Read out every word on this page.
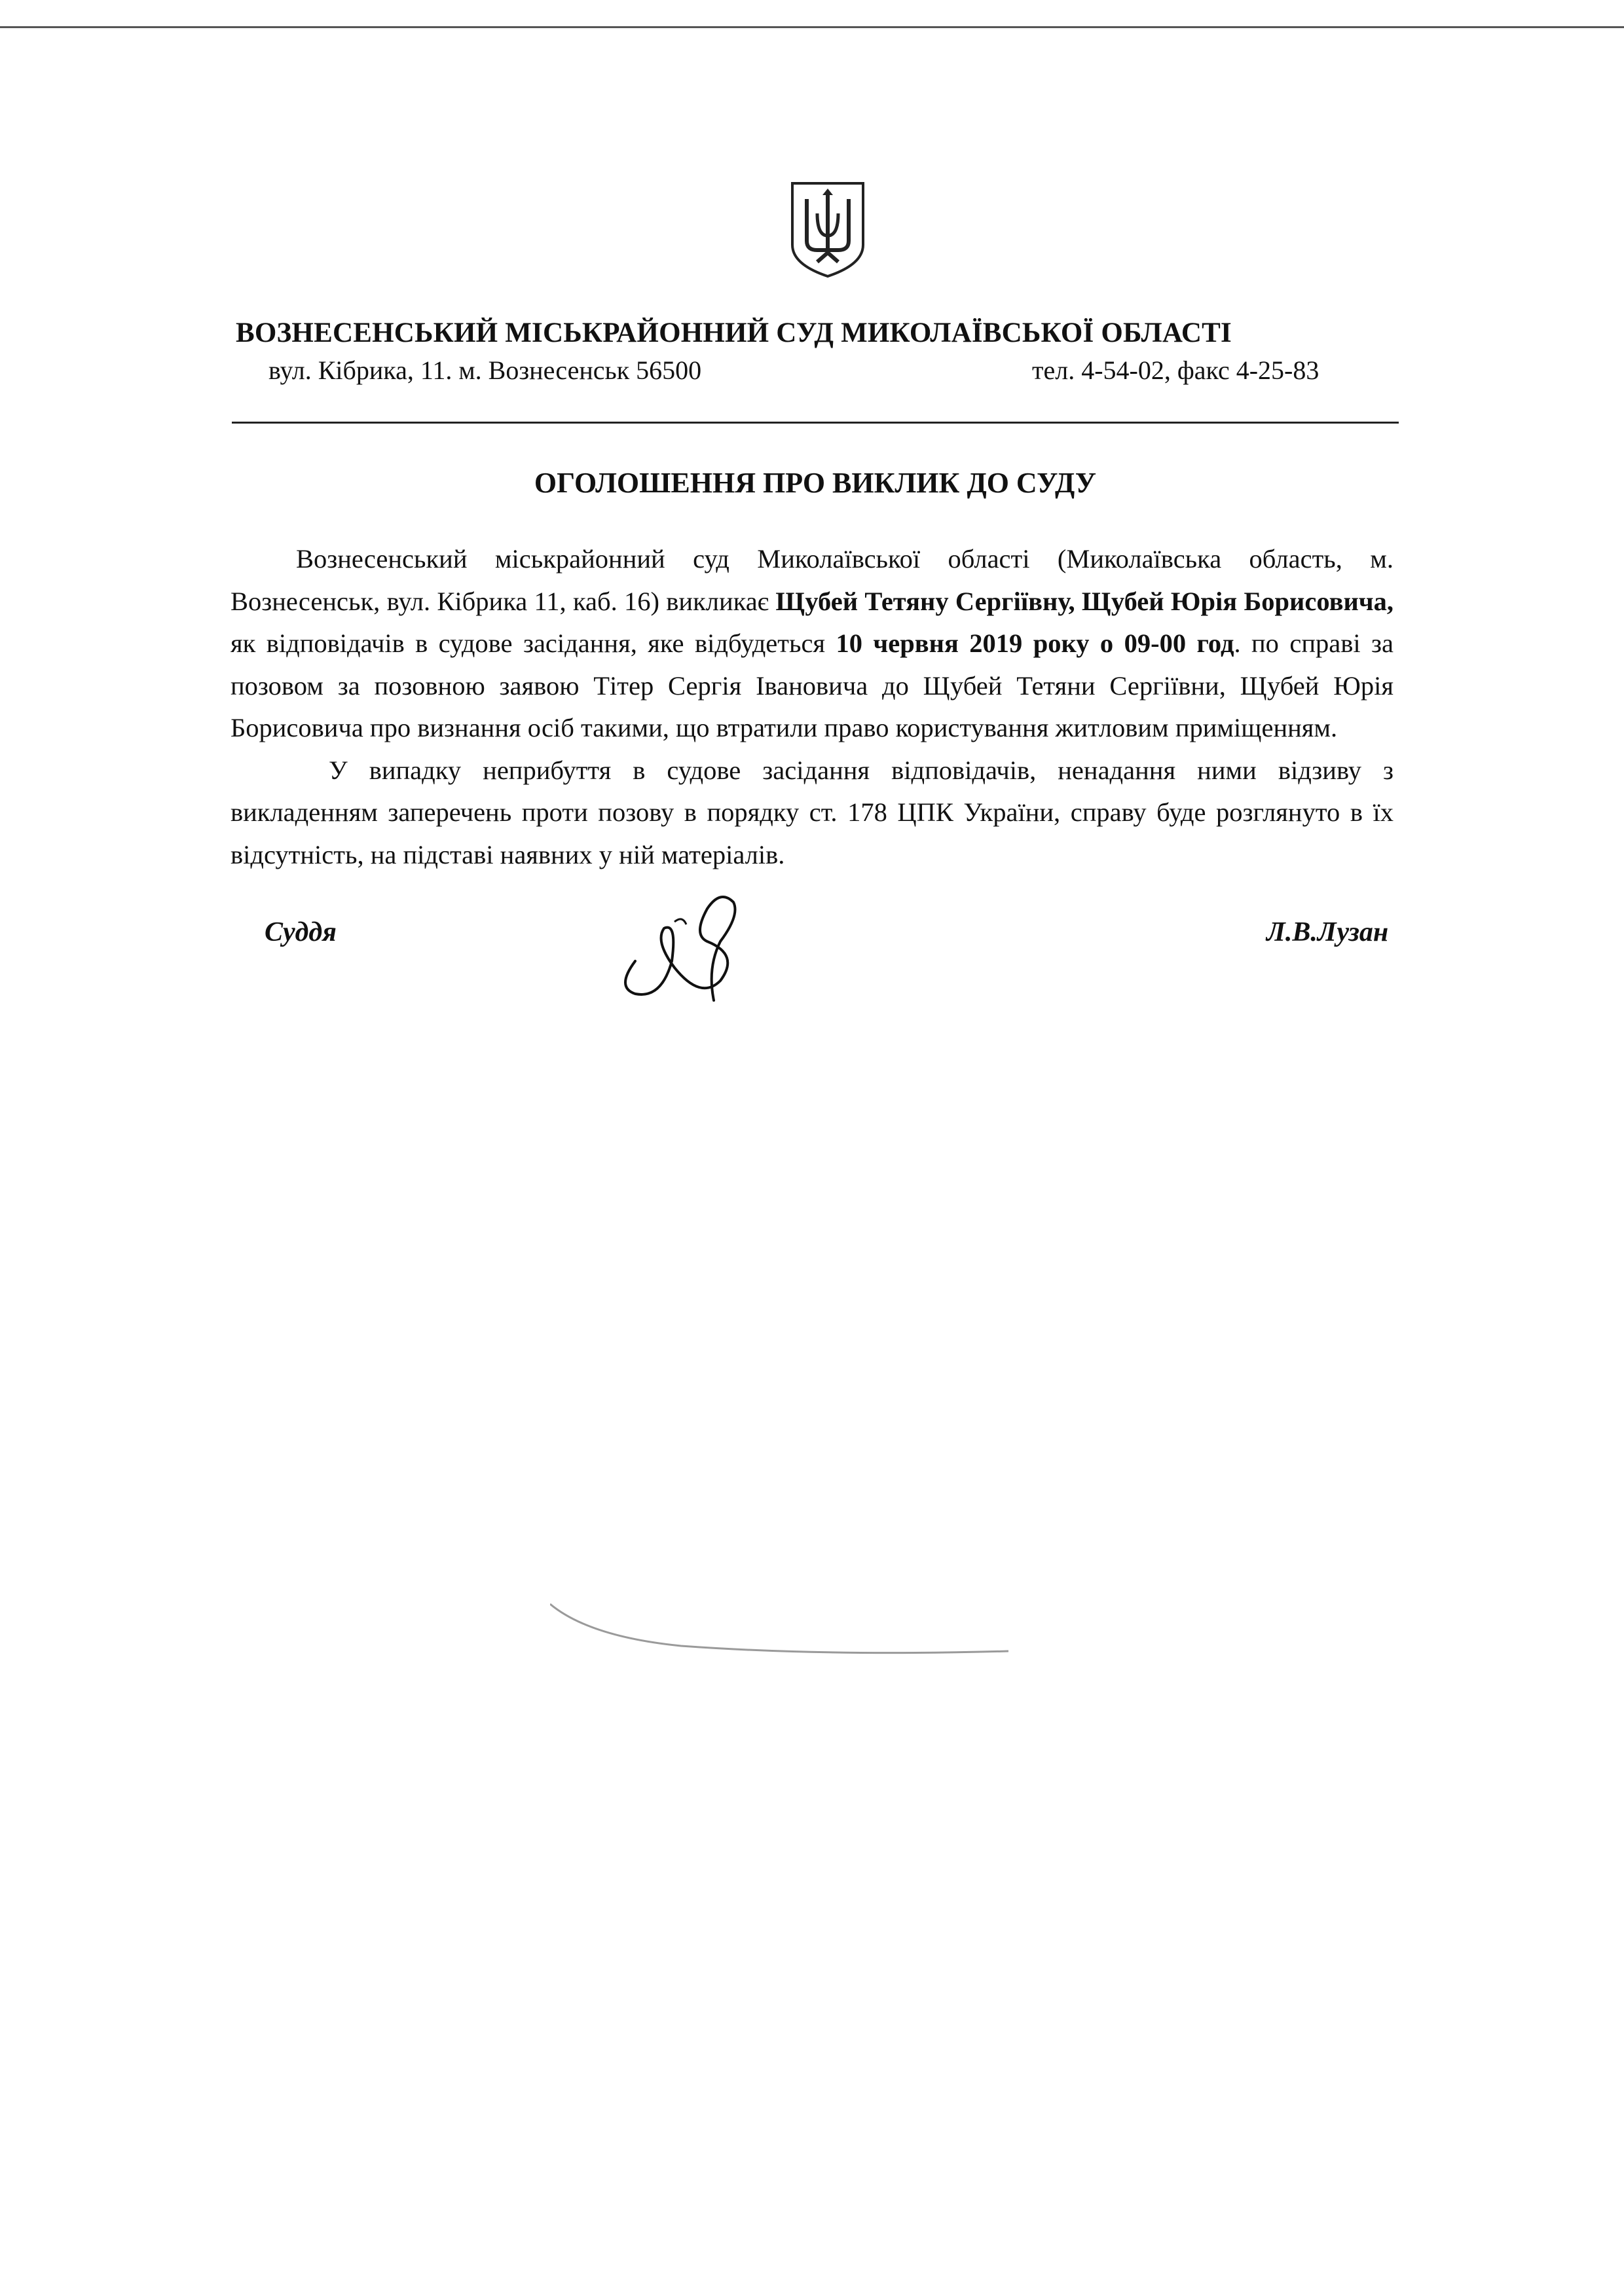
ВОЗНЕСЕНСЬКИЙ МІСЬКРАЙОННИЙ СУД МИКОЛАЇВСЬКОЇ ОБЛАСТІ
вул. Кібрика, 11. м. Вознесенськ 56500	тел. 4-54-02, факс 4-25-83
ОГОЛОШЕННЯ ПРО ВИКЛИК ДО СУДУ

Вознесенський міськрайонний суд Миколаївської області (Миколаївська область, м. Вознесенськ, вул. Кібрика 11, каб. 16) викликає Щубей Тетяну Сергіївну, Щубей Юрія Борисовича, як відповідачів в судове засідання, яке відбудеться 10 червня 2019 року о 09-00 год. по справі за позовом за позовною заявою Тітер Сергія Івановича до Щубей Тетяни Сергіївни, Щубей Юрія Борисовича про визнання осіб такими, що втратили право користування житловим приміщенням.

У випадку неприбуття в судове засідання відповідачів, ненадання ними відзиву з викладенням заперечень проти позову в порядку ст. 178 ЦПК України, справу буде розглянуто в їх відсутність, на підставі наявних у ній матеріалів.

Суддя	Л.В.Лузан
